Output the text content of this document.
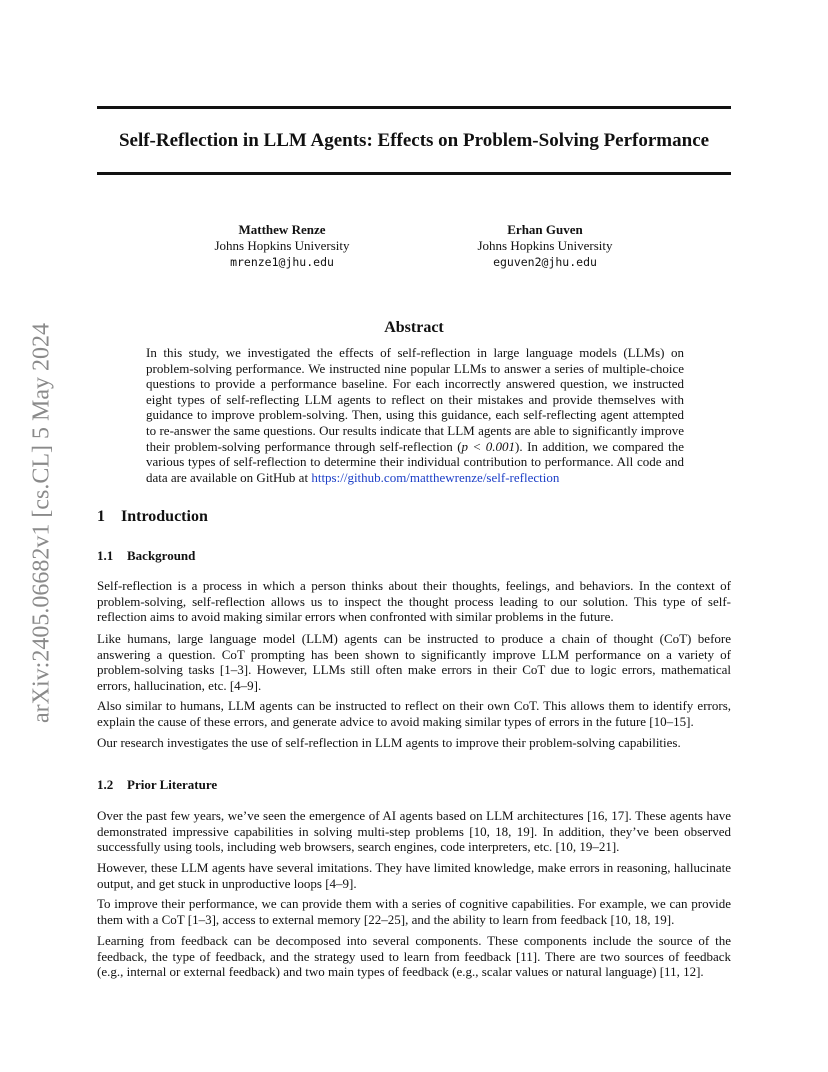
arXiv:2405.06682v1 [cs.CL] 5 May 2024
Self-Reflection in LLM Agents: Effects on Problem-Solving Performance
Matthew Renze
Johns Hopkins University
mrenze1@jhu.edu
Erhan Guven
Johns Hopkins University
eguven2@jhu.edu
Abstract

In this study, we investigated the effects of self-reflection in large language models (LLMs) on problem-solving performance. We instructed nine popular LLMs to answer a series of multiple-choice questions to provide a performance baseline. For each incorrectly answered question, we instructed eight types of self-reflecting LLM agents to reflect on their mistakes and provide themselves with guidance to improve problem-solving. Then, using this guidance, each self-reflecting agent attempted to re-answer the same questions. Our results indicate that LLM agents are able to significantly improve their problem-solving performance through self-reflection (p < 0.001). In addition, we compared the various types of self-reflection to determine their individual contribution to performance. All code and data are available on GitHub at https://github.com/matthewrenze/self-reflection

1 Introduction
1.1 Background

Self-reflection is a process in which a person thinks about their thoughts, feelings, and behaviors. In the context of problem-solving, self-reflection allows us to inspect the thought process leading to our solution. This type of self-reflection aims to avoid making similar errors when confronted with similar problems in the future.

Like humans, large language model (LLM) agents can be instructed to produce a chain of thought (CoT) before answering a question. CoT prompting has been shown to significantly improve LLM performance on a variety of problem-solving tasks [1–3]. However, LLMs still often make errors in their CoT due to logic errors, mathematical errors, hallucination, etc. [4–9].

Also similar to humans, LLM agents can be instructed to reflect on their own CoT. This allows them to identify errors, explain the cause of these errors, and generate advice to avoid making similar types of errors in the future [10–15].

Our research investigates the use of self-reflection in LLM agents to improve their problem-solving capabilities.

1.2 Prior Literature

Over the past few years, we’ve seen the emergence of AI agents based on LLM architectures [16, 17]. These agents have demonstrated impressive capabilities in solving multi-step problems [10, 18, 19]. In addition, they’ve been observed successfully using tools, including web browsers, search engines, code interpreters, etc. [10, 19–21].

However, these LLM agents have several imitations. They have limited knowledge, make errors in reasoning, hallucinate output, and get stuck in unproductive loops [4–9].

To improve their performance, we can provide them with a series of cognitive capabilities. For example, we can provide them with a CoT [1–3], access to external memory [22–25], and the ability to learn from feedback [10, 18, 19].

Learning from feedback can be decomposed into several components. These components include the source of the feedback, the type of feedback, and the strategy used to learn from feedback [11]. There are two sources of feedback (e.g., internal or external feedback) and two main types of feedback (e.g., scalar values or natural language) [11, 12].
